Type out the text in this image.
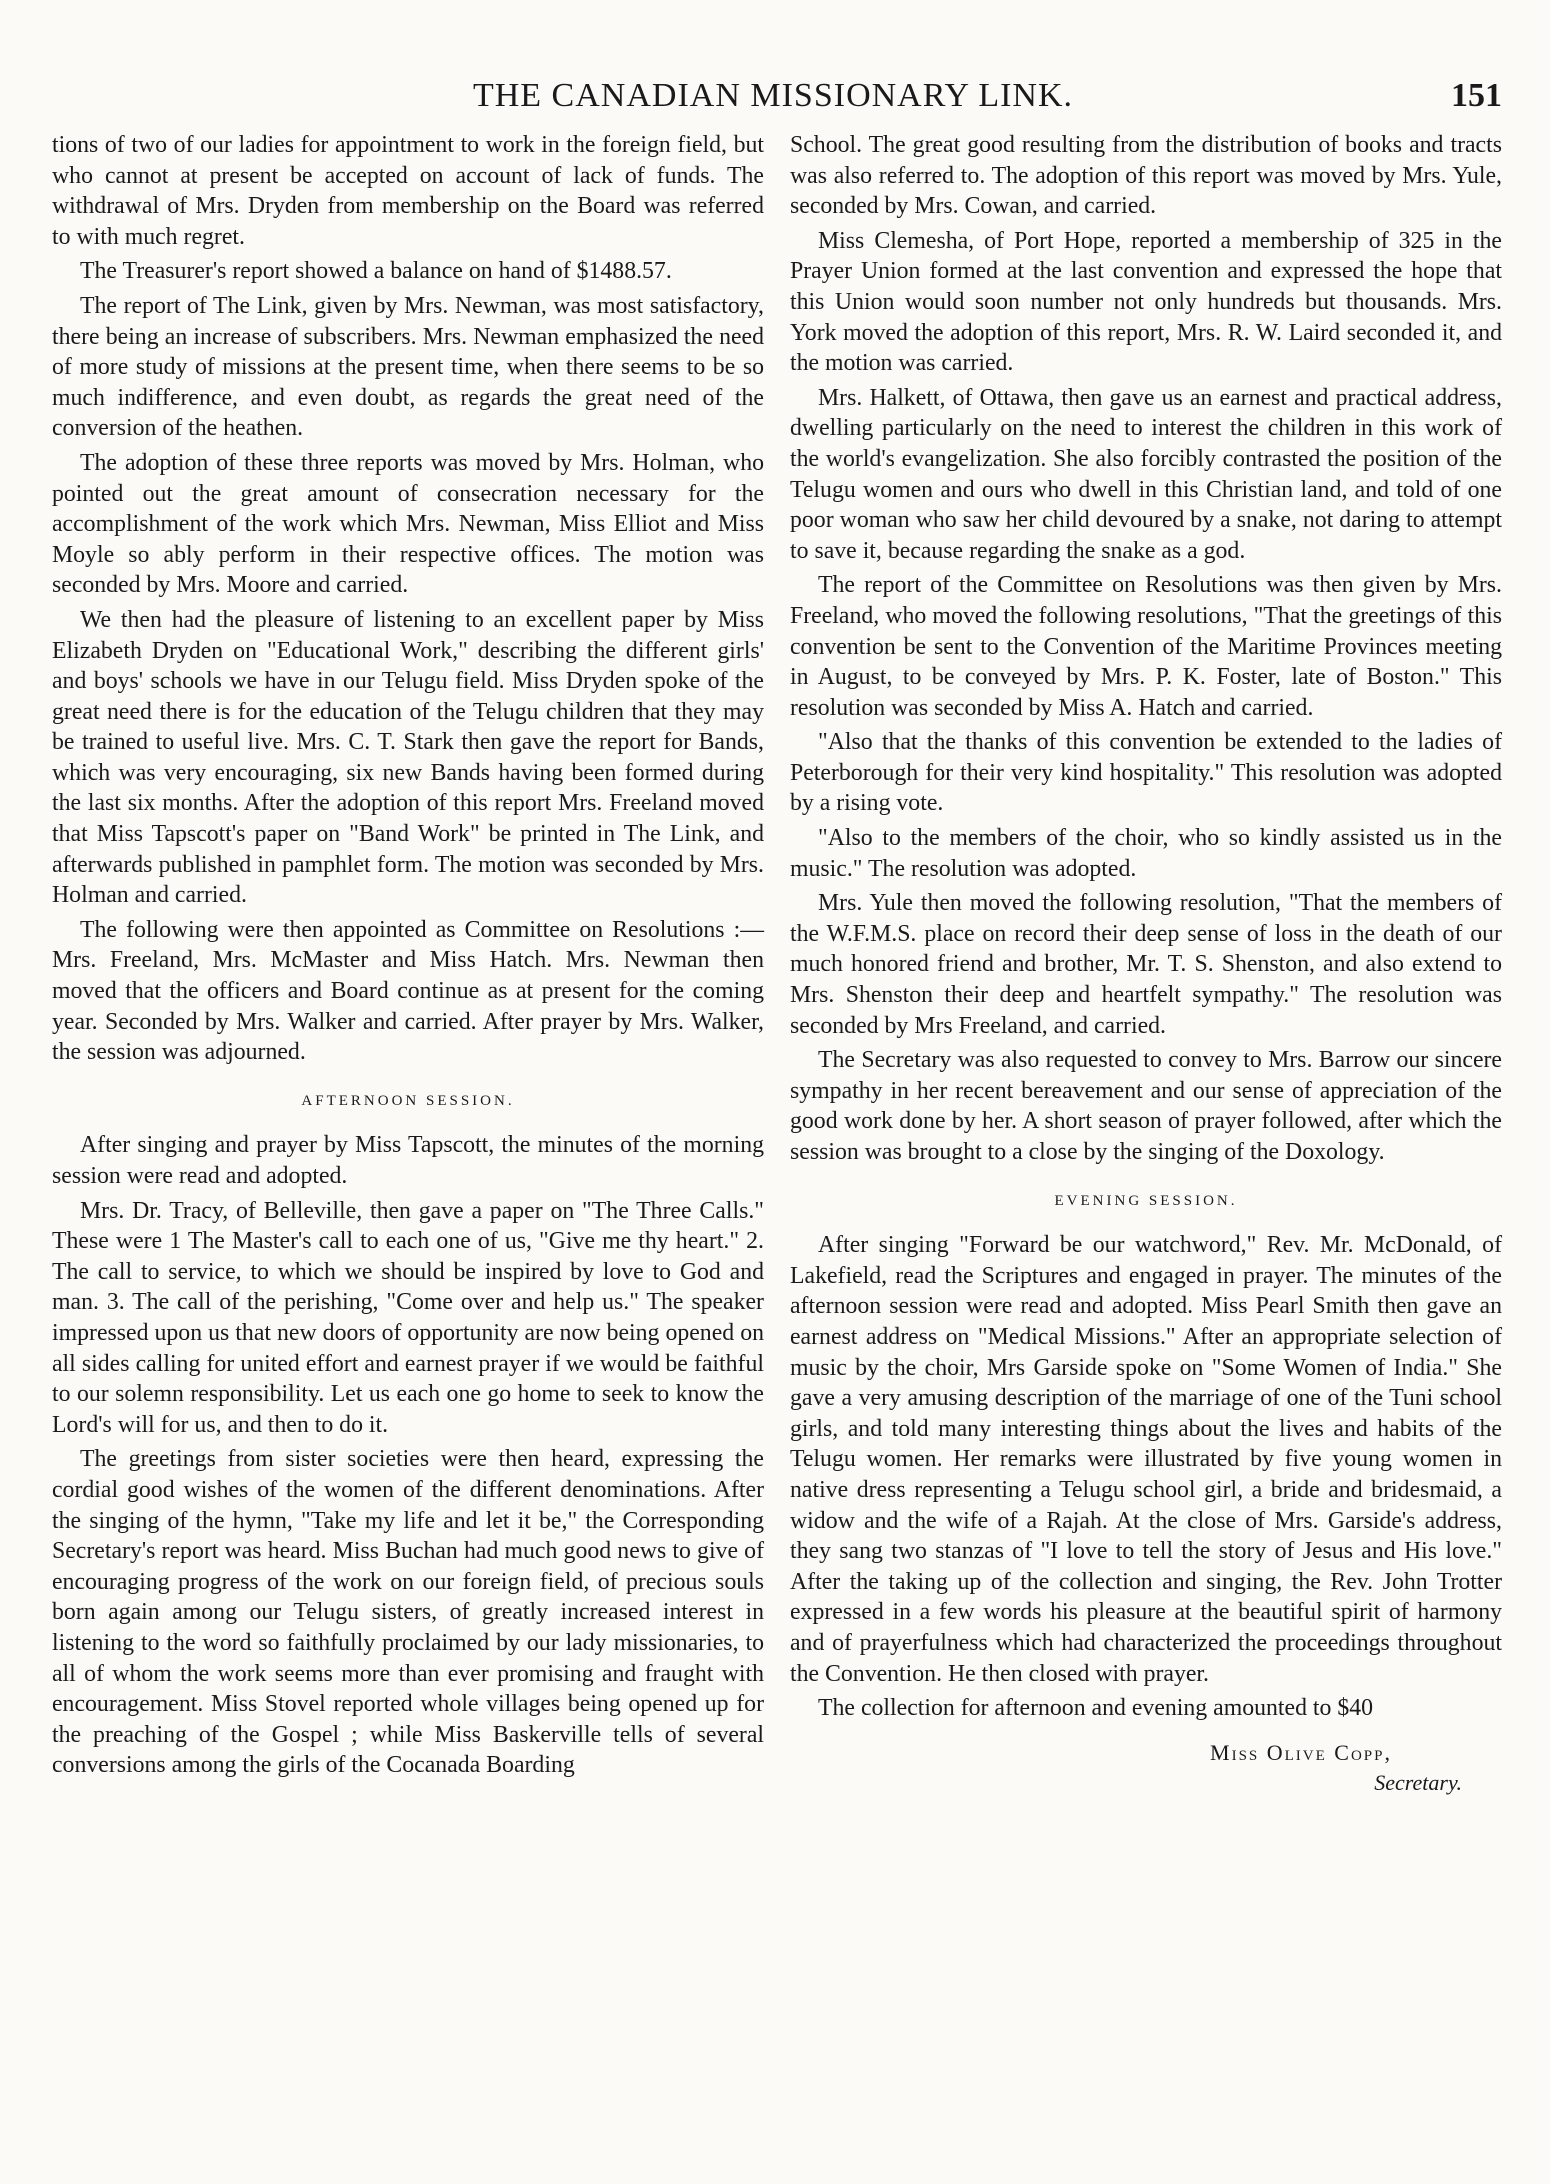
THE CANADIAN MISSIONARY LINK.	151

tions of two of our ladies for appointment to work in the foreign field, but who cannot at present be accepted on account of lack of funds. The withdrawal of Mrs. Dryden from membership on the Board was referred to with much regret.

The Treasurer's report showed a balance on hand of $1488.57.

The report of The Link, given by Mrs. Newman, was most satisfactory, there being an increase of subscribers. Mrs. Newman emphasized the need of more study of missions at the present time, when there seems to be so much indifference, and even doubt, as regards the great need of the conversion of the heathen.

The adoption of these three reports was moved by Mrs. Holman, who pointed out the great amount of consecration necessary for the accomplishment of the work which Mrs. Newman, Miss Elliot and Miss Moyle so ably perform in their respective offices. The motion was seconded by Mrs. Moore and carried.

We then had the pleasure of listening to an excellent paper by Miss Elizabeth Dryden on "Educational Work," describing the different girls' and boys' schools we have in our Telugu field. Miss Dryden spoke of the great need there is for the education of the Telugu children that they may be trained to useful live. Mrs. C. T. Stark then gave the report for Bands, which was very encouraging, six new Bands having been formed during the last six months. After the adoption of this report Mrs. Freeland moved that Miss Tapscott's paper on "Band Work" be printed in The Link, and afterwards published in pamphlet form. The motion was seconded by Mrs. Holman and carried.

The following were then appointed as Committee on Resolutions :—Mrs. Freeland, Mrs. McMaster and Miss Hatch. Mrs. Newman then moved that the officers and Board continue as at present for the coming year. Seconded by Mrs. Walker and carried. After prayer by Mrs. Walker, the session was adjourned.

AFTERNOON SESSION.

After singing and prayer by Miss Tapscott, the minutes of the morning session were read and adopted.

Mrs. Dr. Tracy, of Belleville, then gave a paper on "The Three Calls." These were 1 The Master's call to each one of us, "Give me thy heart." 2. The call to service, to which we should be inspired by love to God and man. 3. The call of the perishing, "Come over and help us." The speaker impressed upon us that new doors of opportunity are now being opened on all sides calling for united effort and earnest prayer if we would be faithful to our solemn responsibility. Let us each one go home to seek to know the Lord's will for us, and then to do it.

The greetings from sister societies were then heard, expressing the cordial good wishes of the women of the different denominations. After the singing of the hymn, "Take my life and let it be," the Corresponding Secretary's report was heard. Miss Buchan had much good news to give of encouraging progress of the work on our foreign field, of precious souls born again among our Telugu sisters, of greatly increased interest in listening to the word so faithfully proclaimed by our lady missionaries, to all of whom the work seems more than ever promising and fraught with encouragement. Miss Stovel reported whole villages being opened up for the preaching of the Gospel ; while Miss Baskerville tells of several conversions among the girls of the Cocanada Boarding

School. The great good resulting from the distribution of books and tracts was also referred to. The adoption of this report was moved by Mrs. Yule, seconded by Mrs. Cowan, and carried.

Miss Clemesha, of Port Hope, reported a membership of 325 in the Prayer Union formed at the last convention and expressed the hope that this Union would soon number not only hundreds but thousands. Mrs. York moved the adoption of this report, Mrs. R. W. Laird seconded it, and the motion was carried.

Mrs. Halkett, of Ottawa, then gave us an earnest and practical address, dwelling particularly on the need to interest the children in this work of the world's evangelization. She also forcibly contrasted the position of the Telugu women and ours who dwell in this Christian land, and told of one poor woman who saw her child devoured by a snake, not daring to attempt to save it, because regarding the snake as a god.

The report of the Committee on Resolutions was then given by Mrs. Freeland, who moved the following resolutions, "That the greetings of this convention be sent to the Convention of the Maritime Provinces meeting in August, to be conveyed by Mrs. P. K. Foster, late of Boston." This resolution was seconded by Miss A. Hatch and carried.

"Also that the thanks of this convention be extended to the ladies of Peterborough for their very kind hospitality." This resolution was adopted by a rising vote.

"Also to the members of the choir, who so kindly assisted us in the music." The resolution was adopted.

Mrs. Yule then moved the following resolution, "That the members of the W.F.M.S. place on record their deep sense of loss in the death of our much honored friend and brother, Mr. T. S. Shenston, and also extend to Mrs. Shenston their deep and heartfelt sympathy." The resolution was seconded by Mrs Freeland, and carried.

The Secretary was also requested to convey to Mrs. Barrow our sincere sympathy in her recent bereavement and our sense of appreciation of the good work done by her. A short season of prayer followed, after which the session was brought to a close by the singing of the Doxology.

EVENING SESSION.

After singing "Forward be our watchword," Rev. Mr. McDonald, of Lakefield, read the Scriptures and engaged in prayer. The minutes of the afternoon session were read and adopted. Miss Pearl Smith then gave an earnest address on "Medical Missions." After an appropriate selection of music by the choir, Mrs Garside spoke on "Some Women of India." She gave a very amusing description of the marriage of one of the Tuni school girls, and told many interesting things about the lives and habits of the Telugu women. Her remarks were illustrated by five young women in native dress representing a Telugu school girl, a bride and bridesmaid, a widow and the wife of a Rajah. At the close of Mrs. Garside's address, they sang two stanzas of "I love to tell the story of Jesus and His love." After the taking up of the collection and singing, the Rev. John Trotter expressed in a few words his pleasure at the beautiful spirit of harmony and of prayerfulness which had characterized the proceedings throughout the Convention. He then closed with prayer.

The collection for afternoon and evening amounted to $40

Miss Olive Copp,
Secretary.
